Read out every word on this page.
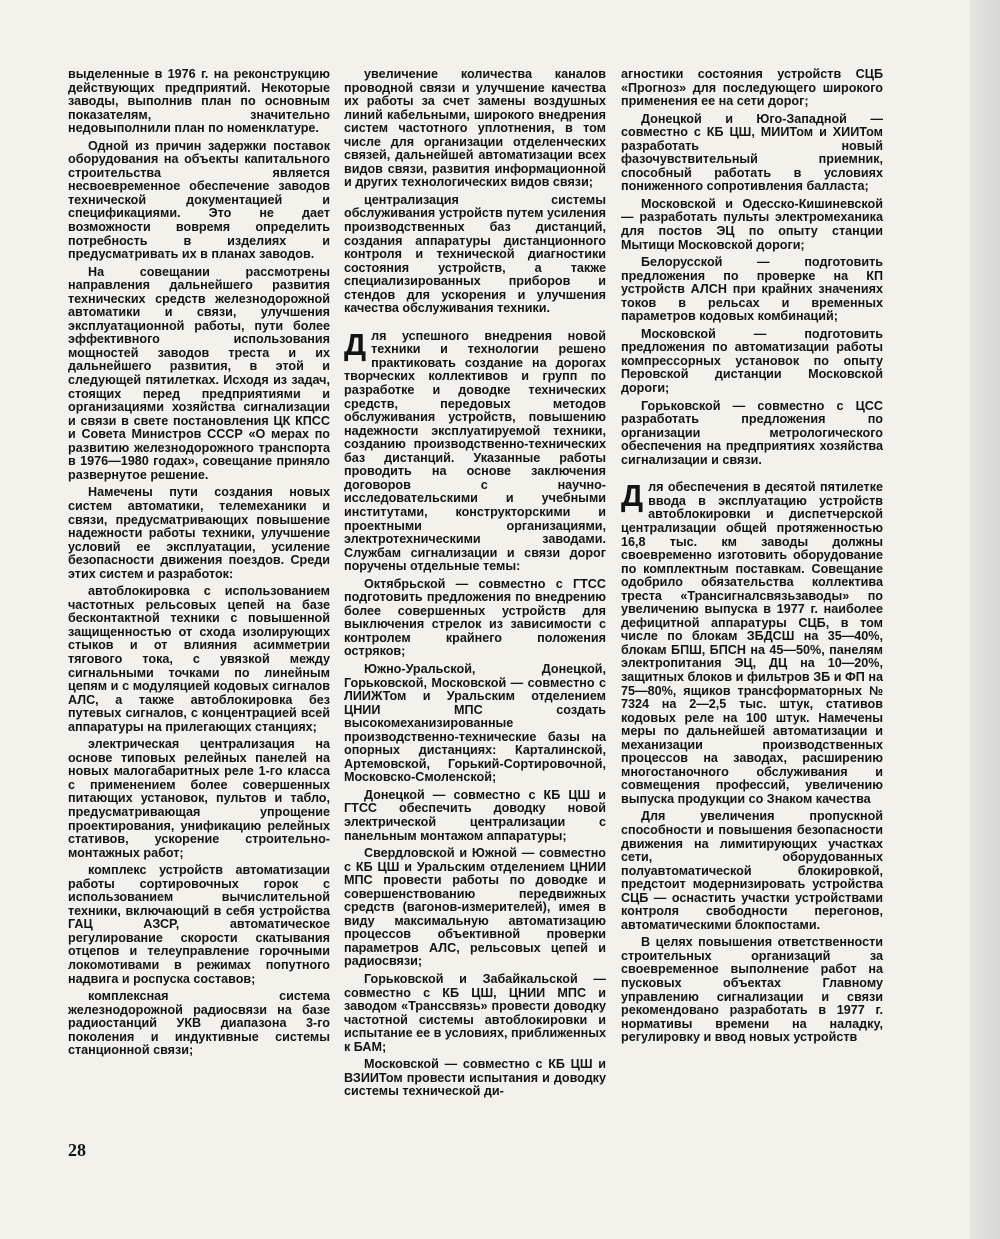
выделенные в 1976 г. на реконструкцию действующих предприятий. Некоторые заводы, выполнив план по основным показателям, значительно недовыполнили план по номенклатуре.

Одной из причин задержки поставок оборудования на объекты капитального строительства является несвоевременное обеспечение заводов технической документацией и спецификациями. Это не дает возможности вовремя определить потребность в изделиях и предусматривать их в планах заводов.

На совещании рассмотрены направления дальнейшего развития технических средств железнодорожной автоматики и связи, улучшения эксплуатационной работы, пути более эффективного использования мощностей заводов треста и их дальнейшего развития, в этой и следующей пятилетках. Исходя из задач, стоящих перед предприятиями и организациями хозяйства сигнализации и связи в свете постановления ЦК КПСС и Совета Министров СССР «О мерах по развитию железнодорожного транспорта в 1976—1980 годах», совещание приняло развернутое решение.

Намечены пути создания новых систем автоматики, телемеханики и связи, предусматривающих повышение надежности работы техники, улучшение условий ее эксплуатации, усиление безопасности движения поездов. Среди этих систем и разработок:

автоблокировка с использованием частотных рельсовых цепей на базе бесконтактной техники с повышенной защищенностью от схода изолирующих стыков и от влияния асимметрии тягового тока, с увязкой между сигнальными точками по линейным цепям и с модуляцией кодовых сигналов АЛС, а также автоблокировка без путевых сигналов, с концентрацией всей аппаратуры на прилегающих станциях;

электрическая централизация на основе типовых релейных панелей на новых малогабаритных реле 1-го класса с применением более совершенных питающих установок, пультов и табло, предусматривающая упрощение проектирования, унификацию релейных стативов, ускорение строительно-монтажных работ;

комплекс устройств автоматизации работы сортировочных горок с использованием вычислительной техники, включающий в себя устройства ГАЦ АЗСР, автоматическое регулирование скорости скатывания отцепов и телеуправление горочными локомотивами в режимах попутного надвига и роспуска составов;

комплексная система железнодорожной радиосвязи на базе радиостанций УКВ диапазона 3-го поколения и индуктивные системы станционной связи;

увеличение количества каналов проводной связи и улучшение качества их работы за счет замены воздушных линий кабельными, широкого внедрения систем частотного уплотнения, в том числе для организации отделенческих связей, дальнейшей автоматизации всех видов связи, развития информационной и других технологических видов связи;

централизация системы обслуживания устройств путем усиления производственных баз дистанций, создания аппаратуры дистанционного контроля и технической диагностики состояния устройств, а также специализированных приборов и стендов для ускорения и улучшения качества обслуживания техники.

Для успешного внедрения новой техники и технологии решено практиковать создание на дорогах творческих коллективов и групп по разработке и доводке технических средств, передовых методов обслуживания устройств, повышению надежности эксплуатируемой техники, созданию производственно-технических баз дистанций. Указанные работы проводить на основе заключения договоров с научно-исследовательскими и учебными институтами, конструкторскими и проектными организациями, электротехническими заводами. Службам сигнализации и связи дорог поручены отдельные темы:

Октябрьской — совместно с ГТСС подготовить предложения по внедрению более совершенных устройств для выключения стрелок из зависимости с контролем крайнего положения остряков;

Южно-Уральской, Донецкой, Горьковской, Московской — совместно с ЛИИЖТом и Уральским отделением ЦНИИ МПС создать высокомеханизированные производственно-технические базы на опорных дистанциях: Карталинской, Артемовской, Горький-Сортировочной, Московско-Смоленской;

Донецкой — совместно с КБ ЦШ и ГТСС обеспечить доводку новой электрической централизации с панельным монтажом аппаратуры;

Свердловской и Южной — совместно с КБ ЦШ и Уральским отделением ЦНИИ МПС провести работы по доводке и совершенствованию передвижных средств (вагонов-измерителей), имея в виду максимальную автоматизацию процессов объективной проверки параметров АЛС, рельсовых цепей и радиосвязи;

Горьковской и Забайкальской — совместно с КБ ЦШ, ЦНИИ МПС и заводом «Транссвязь» провести доводку частотной системы автоблокировки и испытание ее в условиях, приближенных к БАМ;

Московской — совместно с КБ ЦШ и ВЗИИТом провести испытания и доводку системы технической ди-

агностики состояния устройств СЦБ «Прогноз» для последующего широкого применения ее на сети дорог;

Донецкой и Юго-Западной — совместно с КБ ЦШ, МИИТом и ХИИТом разработать новый фазочувствительный приемник, способный работать в условиях пониженного сопротивления балласта;

Московской и Одесско-Кишиневской — разработать пульты электромеханика для постов ЭЦ по опыту станции Мытищи Московской дороги;

Белорусской — подготовить предложения по проверке на КП устройств АЛСН при крайних значениях токов в рельсах и временных параметров кодовых комбинаций;

Московской — подготовить предложения по автоматизации работы компрессорных установок по опыту Перовской дистанции Московской дороги;

Горьковской — совместно с ЦСС разработать предложения по организации метрологического обеспечения на предприятиях хозяйства сигнализации и связи.

Для обеспечения в десятой пятилетке ввода в эксплуатацию устройств автоблокировки и диспетчерской централизации общей протяженностью 16,8 тыс. км заводы должны своевременно изготовить оборудование по комплектным поставкам. Совещание одобрило обязательства коллектива треста «Трансигналсвязьзаводы» по увеличению выпуска в 1977 г. наиболее дефицитной аппаратуры СЦБ, в том числе по блокам ЗБДСШ на 35—40%, блокам БПШ, БПСН на 45—50%, панелям электропитания ЭЦ, ДЦ на 10—20%, защитных блоков и фильтров ЗБ и ФП на 75—80%, ящиков трансформаторных № 7324 на 2—2,5 тыс. штук, стативов кодовых реле на 100 штук. Намечены меры по дальнейшей автоматизации и механизации производственных процессов на заводах, расширению многостаночного обслуживания и совмещения профессий, увеличению выпуска продукции со Знаком качества

Для увеличения пропускной способности и повышения безопасности движения на лимитирующих участках сети, оборудованных полуавтоматической блокировкой, предстоит модернизировать устройства СЦБ — оснастить участки устройствами контроля свободности перегонов, автоматическими блокпостами.

В целях повышения ответственности строительных организаций за своевременное выполнение работ на пусковых объектах Главному управлению сигнализации и связи рекомендовано разработать в 1977 г. нормативы времени на наладку, регулировку и ввод новых устройств

28
